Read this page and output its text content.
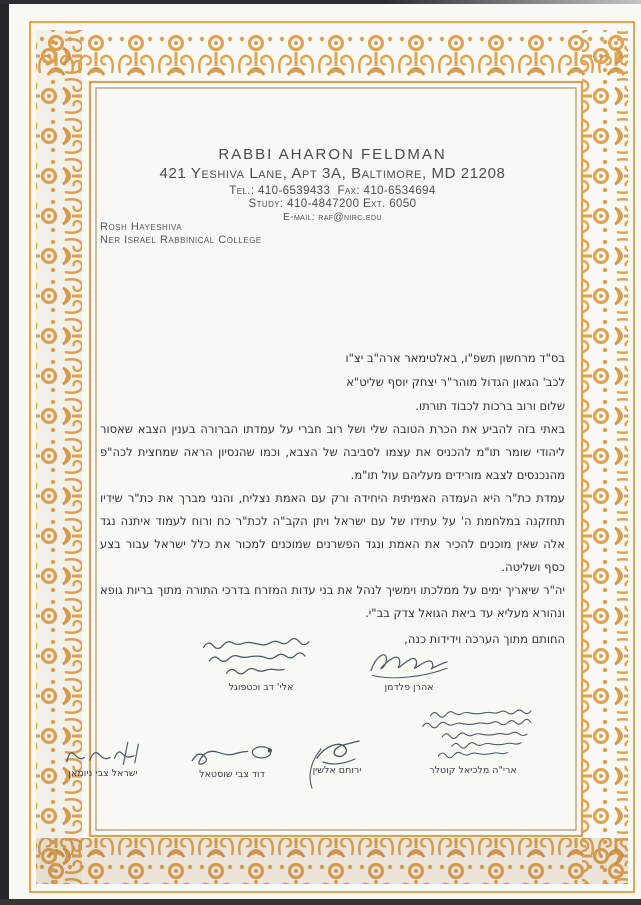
RABBI AHARON FELDMAN
421 Yeshiva Lane, Apt 3A, Baltimore, MD 21208
Tel.: 410-6539433  Fax: 410-6534694
Study: 410-4847200 Ext. 6050
E-mail: raf@nirc.edu
Rosh Hayeshiva
Ner Israel Rabbinical College

בס"ד מרחשון תשפ"ו, באלטימאר ארה"ב יצ"ו

לכב' הגאון הגדול מוהר"ר יצחק יוסף שליט"א

שלום ורוב ברכות לכבוד תורתו.

באתי בזה להביע את הכרת הטובה שלי ושל רוב חברי על עמדתו הברורה בענין הצבא שאסור ליהודי שומר תו"מ להכניס את עצמו לסביבה של הצבא, וכמו שהנסיון הראה שמחצית לכה"פ מהנכנסים לצבא מורידים מעליהם עול תו"מ.

עמדת כת"ר היא העמדה האמיתית היחידה ורק עם האמת נצליח, והנני מברך את כת"ר שידיו תחזקנה במלחמת ה' על עתידו של עם ישראל ויתן הקב"ה לכת"ר כח ורוח לעמוד איתנה נגד אלה שאין מוכנים להכיר את האמת ונגד הפשרנים שמוכנים למכור את כלל ישראל עבור בצע כסף ושליטה.

יה"ר שיאריך ימים על ממלכתו וימשיך לנהל את בני עדות המזרח בדרכי התורה מתוך בריות גופא ונהורא מעליא עד ביאת הגואל צדק בב"י.

החותם מתוך הערכה וידידות כנה,

אהרן פלדמן
אלי' דב וכטפוגל
ארי"ה מלכיאל קוטלר
ירוחם אלשין
דוד צבי שוסטאל
ישראל צבי ניומאן
